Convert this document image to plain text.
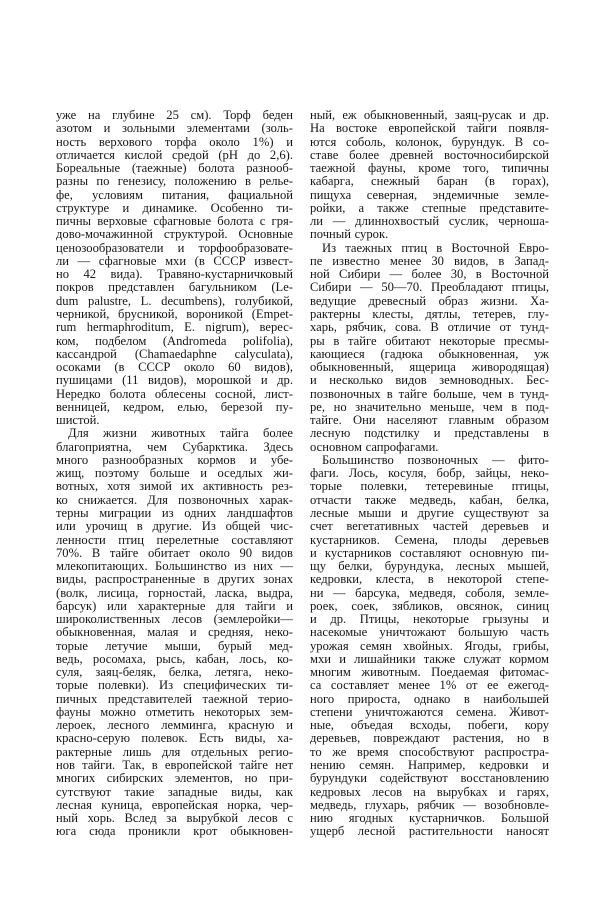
уже на глубине 25 см). Торф беден
азотом и зольными элементами (золь-
ность верхового торфа около 1%) и
отличается кислой средой (pH до 2,6).
Бореальные (таежные) болота разнооб-
разны по генезису, положению в релье-
фе, условиям питания, фациальной
структуре и динамике. Особенно ти-
пичны верховые сфагновые болота с гря-
дово-мочажинной структурой. Основные
ценозообразователи и торфообразовате-
ли — сфагновые мхи (в СССР извест-
но 42 вида). Травяно-кустарничковый
покров представлен багульником (Le-
dum palustre, L. decumbens), голубикой,
черникой, брусникой, вороникой (Empet-
rum hermaphroditum, E. nigrum), верес-
ком, подбелом (Andromeda polifolia),
кассандрой (Chamaedaphne calyculata),
осоками (в СССР около 60 видов),
пушицами (11 видов), морошкой и др.
Нередко болота облесены сосной, лист-
венницей, кедром, елью, березой пу-
шистой.
Для жизни животных тайга более
благоприятна, чем Субарктика. Здесь
много разнообразных кормов и убе-
жищ, поэтому больше и оседлых жи-
вотных, хотя зимой их активность рез-
ко снижается. Для позвоночных харак-
терны миграции из одних ландшафтов
или урочищ в другие. Из общей чис-
ленности птиц перелетные составляют
70%. В тайге обитает около 90 видов
млекопитающих. Большинство из них —
виды, распространенные в других зонах
(волк, лисица, горностай, ласка, выдра,
барсук) или характерные для тайги и
широколиственных лесов (землеройки—
обыкновенная, малая и средняя, неко-
торые летучие мыши, бурый мед-
ведь, росомаха, рысь, кабан, лось, ко-
суля, заяц-беляк, белка, летяга, неко-
торые полевки). Из специфических ти-
пичных представителей таежной терио-
фауны можно отметить некоторых зем-
лероек, лесного лемминга, красную и
красно-серую полевок. Есть виды, ха-
рактерные лишь для отдельных регио-
нов тайги. Так, в европейской тайге нет
многих сибирских элементов, но при-
сутствуют такие западные виды, как
лесная куница, европейская норка, чер-
ный хорь. Вслед за вырубкой лесов с
юга сюда проникли крот обыкновен-
ный, еж обыкновенный, заяц-русак и др.
На востоке европейской тайги появля-
ются соболь, колонок, бурундук. В со-
ставе более древней восточносибирской
таежной фауны, кроме того, типичны
кабарга, снежный баран (в горах),
пищуха северная, эндемичные земле-
ройки, а также степные представите-
ли — длиннохвостый суслик, черноша-
почный сурок.
Из таежных птиц в Восточной Евро-
пе известно менее 30 видов, в Запад-
ной Сибири — более 30, в Восточной
Сибири — 50—70. Преобладают птицы,
ведущие древесный образ жизни. Ха-
рактерны клесты, дятлы, тетерев, глу-
харь, рябчик, сова. В отличие от тунд-
ры в тайге обитают некоторые пресмы-
кающиеся (гадюка обыкновенная, уж
обыкновенный, ящерица живородящая)
и несколько видов земноводных. Бес-
позвоночных в тайге больше, чем в тунд-
ре, но значительно меньше, чем в под-
тайге. Они населяют главным образом
лесную подстилку и представлены в
основном сапрофагами.
Большинство позвоночных — фито-
фаги. Лось, косуля, бобр, зайцы, неко-
торые полевки, тетеревиные птицы,
отчасти также медведь, кабан, белка,
лесные мыши и другие существуют за
счет вегетативных частей деревьев и
кустарников. Семена, плоды деревьев
и кустарников составляют основную пи-
щу белки, бурундука, лесных мышей,
кедровки, клеста, в некоторой степе-
ни — барсука, медведя, соболя, земле-
роек, соек, зябликов, овсянок, синиц
и др. Птицы, некоторые грызуны и
насекомые уничтожают большую часть
урожая семян хвойных. Ягоды, грибы,
мхи и лишайники также служат кормом
многим животным. Поедаемая фитомас-
са составляет менее 1% от ее ежегод-
ного прироста, однако в наибольшей
степени уничтожаются семена. Живот-
ные, объедая всходы, побеги, кору
деревьев, повреждают растения, но в
то же время способствуют распростра-
нению семян. Например, кедровки и
бурундуки содействуют восстановлению
кедровых лесов на вырубках и гарях,
медведь, глухарь, рябчик — возобновле-
нию ягодных кустарничков. Большой
ущерб лесной растительности наносят
